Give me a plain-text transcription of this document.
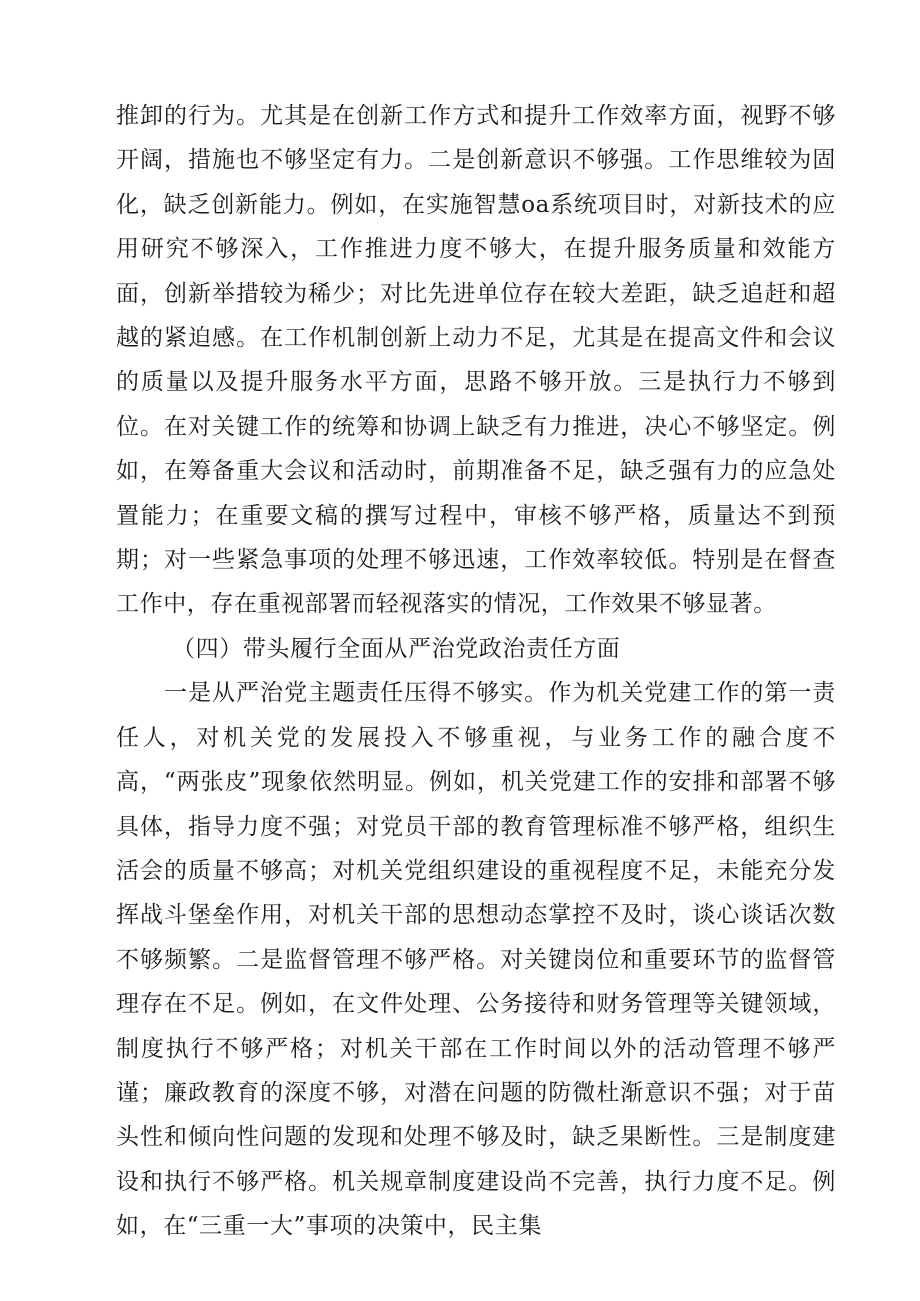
推卸的行为。尤其是在创新工作方式和提升工作效率方面，视野不够开阔，措施也不够坚定有力。二是创新意识不够强。工作思维较为固化，缺乏创新能力。例如，在实施智慧oa系统项目时，对新技术的应用研究不够深入，工作推进力度不够大，在提升服务质量和效能方面，创新举措较为稀少；对比先进单位存在较大差距，缺乏追赶和超越的紧迫感。在工作机制创新上动力不足，尤其是在提高文件和会议的质量以及提升服务水平方面，思路不够开放。三是执行力不够到位。在对关键工作的统筹和协调上缺乏有力推进，决心不够坚定。例如，在筹备重大会议和活动时，前期准备不足，缺乏强有力的应急处置能力；在重要文稿的撰写过程中，审核不够严格，质量达不到预期；对一些紧急事项的处理不够迅速，工作效率较低。特别是在督查工作中，存在重视部署而轻视落实的情况，工作效果不够显著。

（四）带头履行全面从严治党政治责任方面

一是从严治党主题责任压得不够实。作为机关党建工作的第一责任人，对机关党的发展投入不够重视，与业务工作的融合度不高，“两张皮”现象依然明显。例如，机关党建工作的安排和部署不够具体，指导力度不强；对党员干部的教育管理标准不够严格，组织生活会的质量不够高；对机关党组织建设的重视程度不足，未能充分发挥战斗堡垒作用，对机关干部的思想动态掌控不及时，谈心谈话次数不够频繁。二是监督管理不够严格。对关键岗位和重要环节的监督管理存在不足。例如，在文件处理、公务接待和财务管理等关键领域，制度执行不够严格；对机关干部在工作时间以外的活动管理不够严谨；廉政教育的深度不够，对潜在问题的防微杜渐意识不强；对于苗头性和倾向性问题的发现和处理不够及时，缺乏果断性。三是制度建设和执行不够严格。机关规章制度建设尚不完善，执行力度不足。例如，在“三重一大”事项的决策中，民主集
